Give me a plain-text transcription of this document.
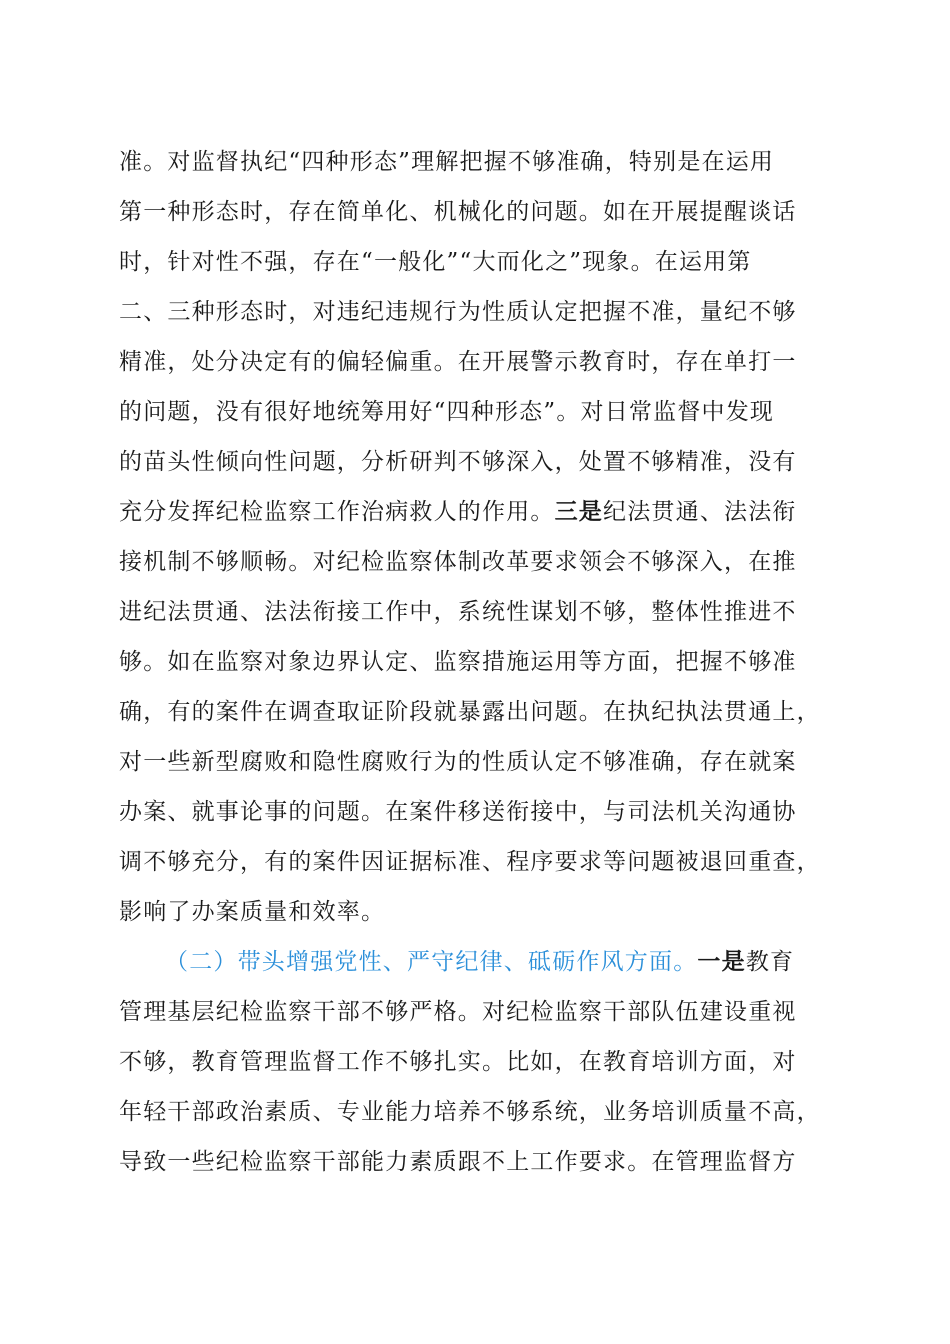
准。对监督执纪“四种形态”理解把握不够准确，特别是在运用
第一种形态时，存在简单化、机械化的问题。如在开展提醒谈话
时，针对性不强，存在“一般化”“大而化之”现象。在运用第
二、三种形态时，对违纪违规行为性质认定把握不准，量纪不够
精准，处分决定有的偏轻偏重。在开展警示教育时，存在单打一
的问题，没有很好地统筹用好“四种形态”。对日常监督中发现
的苗头性倾向性问题，分析研判不够深入，处置不够精准，没有
充分发挥纪检监察工作治病救人的作用。三是纪法贯通、法法衔
接机制不够顺畅。对纪检监察体制改革要求领会不够深入，在推
进纪法贯通、法法衔接工作中，系统性谋划不够，整体性推进不
够。如在监察对象边界认定、监察措施运用等方面，把握不够准
确，有的案件在调查取证阶段就暴露出问题。在执纪执法贯通上，
对一些新型腐败和隐性腐败行为的性质认定不够准确，存在就案
办案、就事论事的问题。在案件移送衔接中，与司法机关沟通协
调不够充分，有的案件因证据标准、程序要求等问题被退回重查，
影响了办案质量和效率。
（二）带头增强党性、严守纪律、砥砺作风方面。一是教育
管理基层纪检监察干部不够严格。对纪检监察干部队伍建设重视
不够，教育管理监督工作不够扎实。比如，在教育培训方面，对
年轻干部政治素质、专业能力培养不够系统，业务培训质量不高，
导致一些纪检监察干部能力素质跟不上工作要求。在管理监督方
